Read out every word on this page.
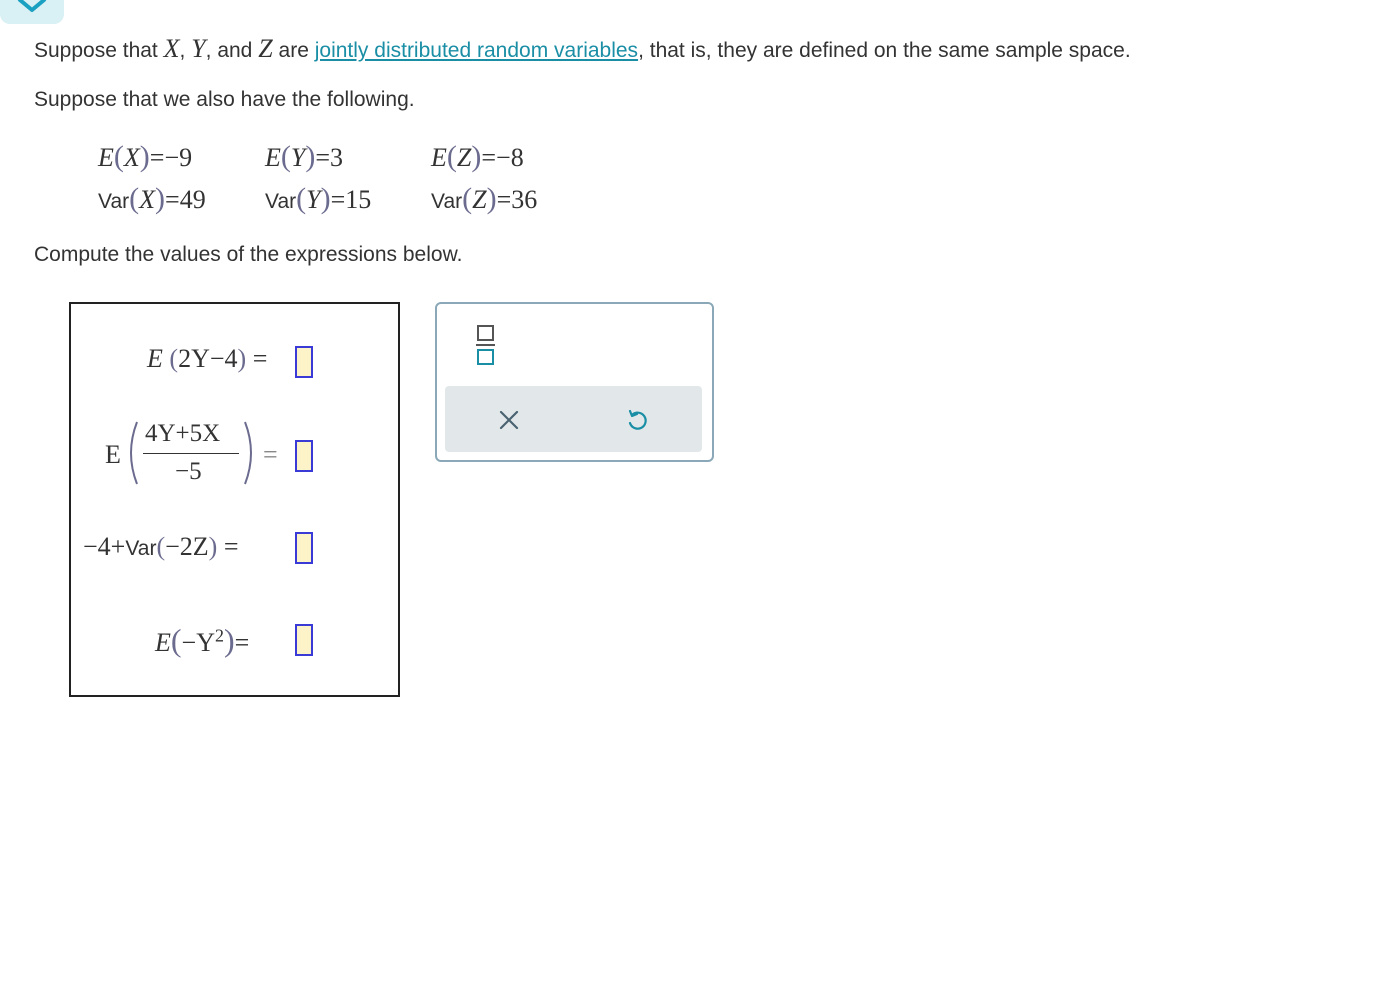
Suppose that X, Y, and Z are jointly distributed random variables, that is, they are defined on the same sample space.
Suppose that we also have the following.
E(X)=−9	E(Y)=3	E(Z)=−8
Var(X)=49	Var(Y)=15	Var(Z)=36
Compute the values of the expressions below.
E (2Y−4) =
E
4Y+5X
−5
=
−4+Var(−2Z) =
$E(-Y^2)=$
